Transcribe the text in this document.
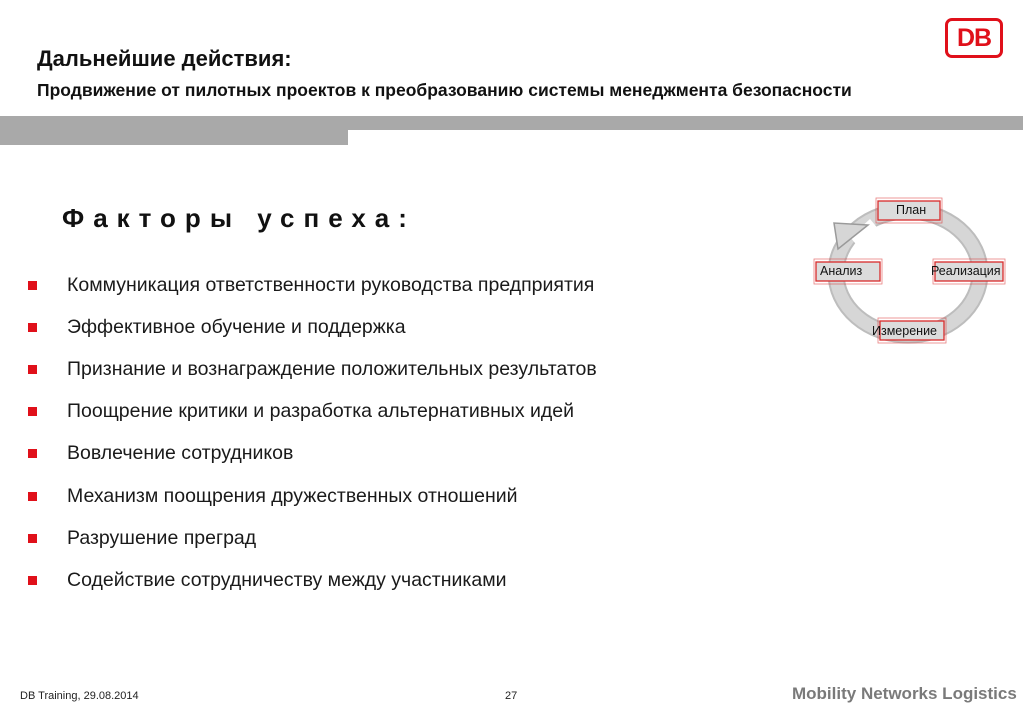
Дальнейшие действия:
Продвижение от пилотных проектов к преобразованию системы менеджмента безопасности
DB
Факторы успеха:
Коммуникация ответственности руководства предприятия
Эффективное обучение и поддержка
Признание и вознаграждение положительных результатов
Поощрение критики и разработка альтернативных идей
Вовлечение сотрудников
Механизм поощрения дружественных отношений
Разрушение преград
Содействие сотрудничеству между участниками
План
Реализация
Измерение
Анализ
DB Training, 29.08.2014	27	Mobility Networks Logistics
